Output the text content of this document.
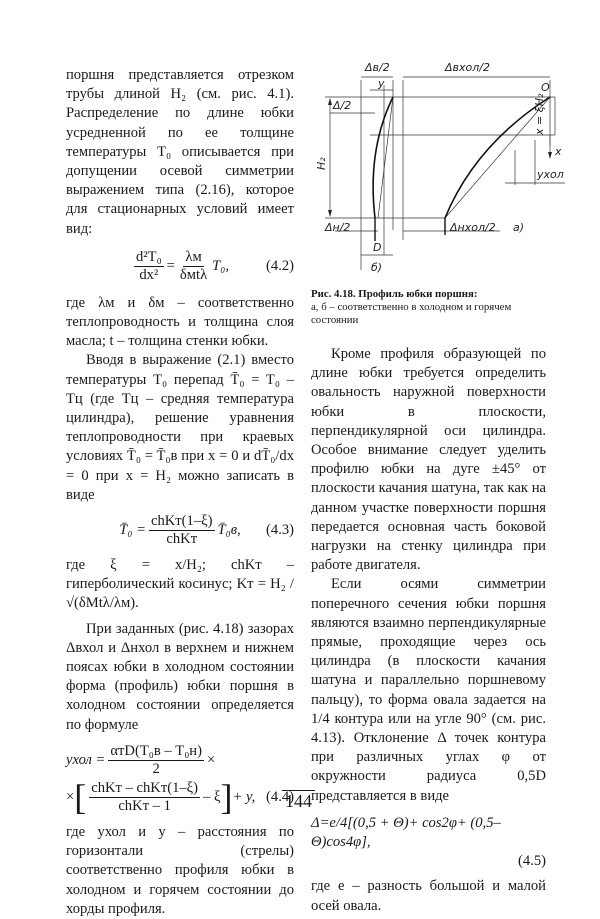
поршня представляется отрезком трубы длиной H₂ (см. рис. 4.1). Распределение по длине юбки усредненной по ее толщине температуры T₀ описывается при допущении осевой симметрии выражением типа (2.16), которое для стационарных условий имеет вид:

$\frac{\text{d²T₀}}{\text{dx²}} = \frac{\lambda м}{\text{δмtλ}} T_0$,	(4.2)

где λм и δм – соответственно теплопроводность и толщина слоя масла; t – толщина стенки юбки.

Вводя в выражение (2.1) вместо температуры T₀ перепад T̄₀ = T₀ – Tц (где Tц – средняя температура цилиндра), решение уравнения теплопроводности при краевых условиях T̄₀ = T̄₀в при x = 0 и dT̄₀/dx = 0 при x = H₂ можно записать в виде

T̄₀ = $\frac{\text{chKт(1–ξ)}}{\text{chKт}}$ T̄₀в, (4.3)

где ξ = x/H₂; chKт – гиперболический косинус; Kт = H₂ / √(δМtλ/λм).

При заданных (рис. 4.18) зазорах Δвхол и Δнхол в верхнем и нижнем поясах юбки в холодном состоянии форма (профиль) юбки поршня в холодном состоянии определяется по формуле

yхол = $\frac{\text{αтD(T₀в – T₀н)}}{2}$ ×
× [ $\frac{\text{chKт – chKт(1–ξ)}}{\text{chKт – 1}}$ – ξ ] + y, (4.4)

где yхол и y – расстояния по горизонтали (стрелы) соответственно профиля юбки в холодном и горячем состоянии до хорды профиля.

Δв/2	Δвхол/2
y	О
Δ/2	x = ξH₂
x
H₂
yхол
Δн/2	Δнхол/2 а)
D
б)
Рис. 4.18. Профиль юбки поршня:
а, б – соответственно в холодном и горячем состоянии

Кроме профиля образующей по длине юбки требуется определить овальность наружной поверхности юбки в плоскости, перпендикулярной оси цилиндра. Особое внимание следует уделить профилю юбки на дуге ±45° от плоскости качания шатуна, так как на данном участке поверхности поршня передается основная часть боковой нагрузки на стенку цилиндра при работе двигателя.

Если осями симметрии поперечного сечения юбки поршня являются взаимно перпендикулярные прямые, проходящие через ось цилиндра (в плоскости качания шатуна и параллельно поршневому пальцу), то форма овала задается на 1/4 контура или на угле 90° (см. рис. 4.13). Отклонение Δ точек контура при различных углах φ от окружности радиуса 0,5D представляется в виде

Δ=e/4[(0,5 + Θ)+ cos2φ+ (0,5–Θ)cos4φ],
(4.5)

где e – разность большой и малой осей овала.

144
